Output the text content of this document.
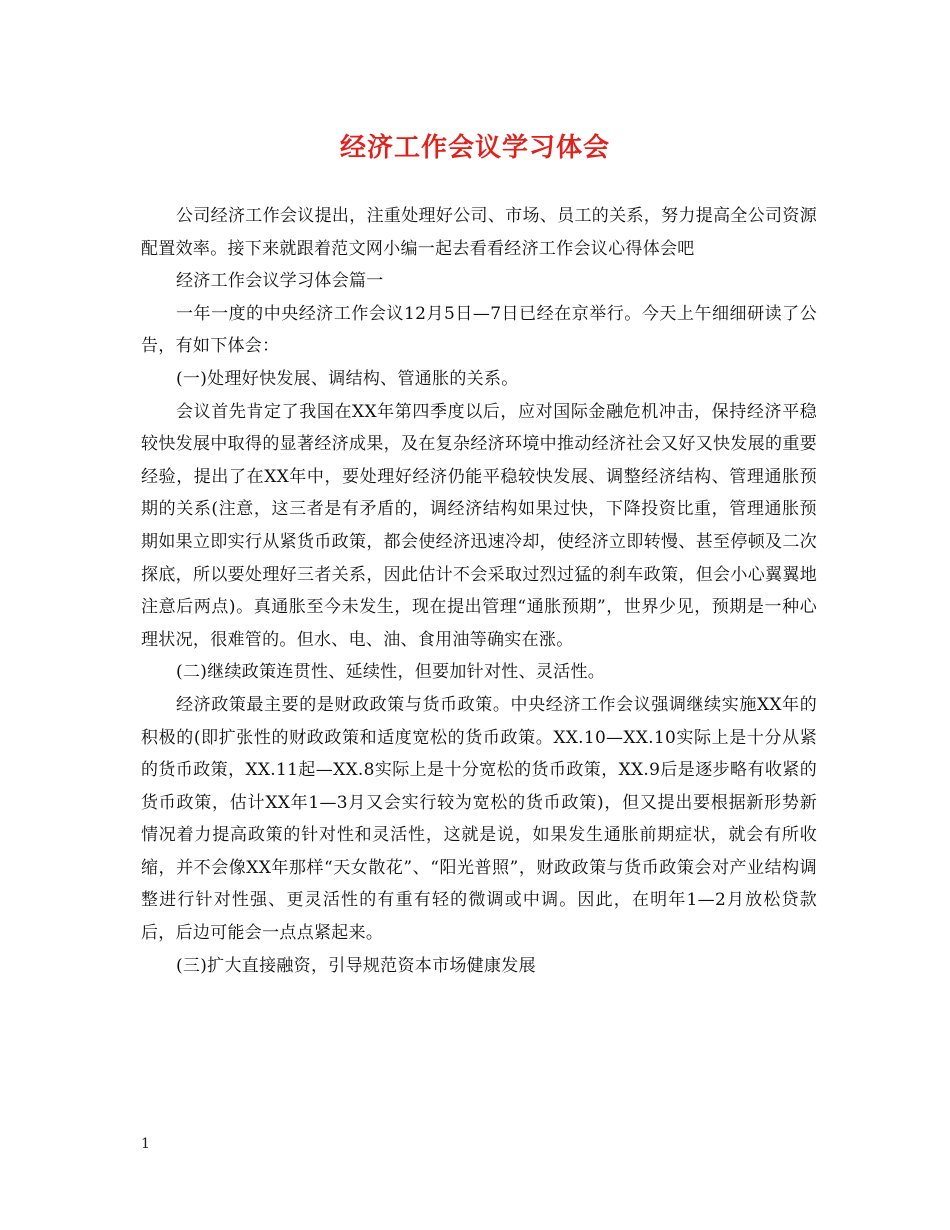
经济工作会议学习体会

公司经济工作会议提出，注重处理好公司、市场、员工的关系，努力提高全公司资源配置效率。接下来就跟着范文网小编一起去看看经济工作会议心得体会吧

经济工作会议学习体会篇一

一年一度的中央经济工作会议12月5日—7日已经在京举行。今天上午细细研读了公告，有如下体会：

(一)处理好快发展、调结构、管通胀的关系。

会议首先肯定了我国在XX年第四季度以后，应对国际金融危机冲击，保持经济平稳较快发展中取得的显著经济成果，及在复杂经济环境中推动经济社会又好又快发展的重要经验，提出了在XX年中，要处理好经济仍能平稳较快发展、调整经济结构、管理通胀预期的关系(注意，这三者是有矛盾的，调经济结构如果过快，下降投资比重，管理通胀预期如果立即实行从紧货币政策，都会使经济迅速冷却，使经济立即转慢、甚至停顿及二次探底，所以要处理好三者关系，因此估计不会采取过烈过猛的刹车政策，但会小心翼翼地注意后两点)。真通胀至今未发生，现在提出管理“通胀预期”，世界少见，预期是一种心理状况，很难管的。但水、电、油、食用油等确实在涨。

(二)继续政策连贯性、延续性，但要加针对性、灵活性。

经济政策最主要的是财政政策与货币政策。中央经济工作会议强调继续实施XX年的积极的(即扩张性的财政政策和适度宽松的货币政策。XX.10—XX.10实际上是十分从紧的货币政策，XX.11起—XX.8实际上是十分宽松的货币政策，XX.9后是逐步略有收紧的货币政策，估计XX年1—3月又会实行较为宽松的货币政策)，但又提出要根据新形势新情况着力提高政策的针对性和灵活性，这就是说，如果发生通胀前期症状，就会有所收缩，并不会像XX年那样“天女散花”、“阳光普照”，财政政策与货币政策会对产业结构调整进行针对性强、更灵活性的有重有轻的微调或中调。因此，在明年1—2月放松贷款后，后边可能会一点点紧起来。

(三)扩大直接融资，引导规范资本市场健康发展

1
